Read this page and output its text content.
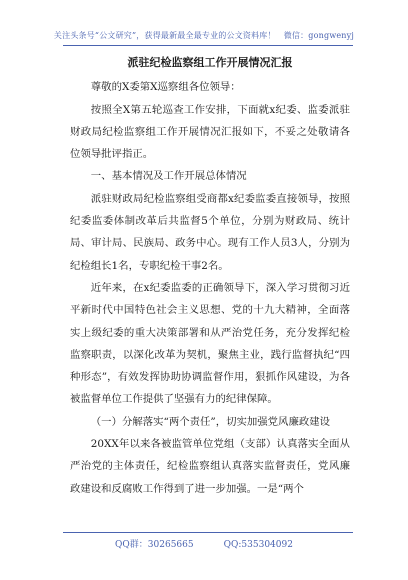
关注头条号“公文研究”，获得最新最全最专业的公文资料库！ 微信：gongwenyj

派驻纪检监察组工作开展情况汇报

尊敬的X委第X巡察组各位领导：

按照全X第五轮巡查工作安排，下面就x纪委、监委派驻财政局纪检监察组工作开展情况汇报如下，不妥之处敬请各位领导批评指正。

一、基本情况及工作开展总体情况

派驻财政局纪检监察组受商都x纪委监委直接领导，按照纪委监委体制改革后共监督5个单位，分别为财政局、统计局、审计局、民族局、政务中心。现有工作人员3人，分别为纪检组长1名，专职纪检干事2名。

近年来，在x纪委监委的正确领导下，深入学习贯彻习近平新时代中国特色社会主义思想、党的十九大精神，全面落实上级纪委的重大决策部署和从严治党任务，充分发挥纪检监察职责，以深化改革为契机，聚焦主业，践行监督执纪“四种形态”，有效发挥协助协调监督作用，狠抓作风建设，为各被监督单位工作提供了坚强有力的纪律保障。

（一）分解落实“两个责任”，切实加强党风廉政建设

20XX年以来各被监管单位党组（支部）认真落实全面从严治党的主体责任，纪检监察组认真落实监督责任，党风廉政建设和反腐败工作得到了进一步加强。一是“两个

QQ群：30265665	QQ:535304092
